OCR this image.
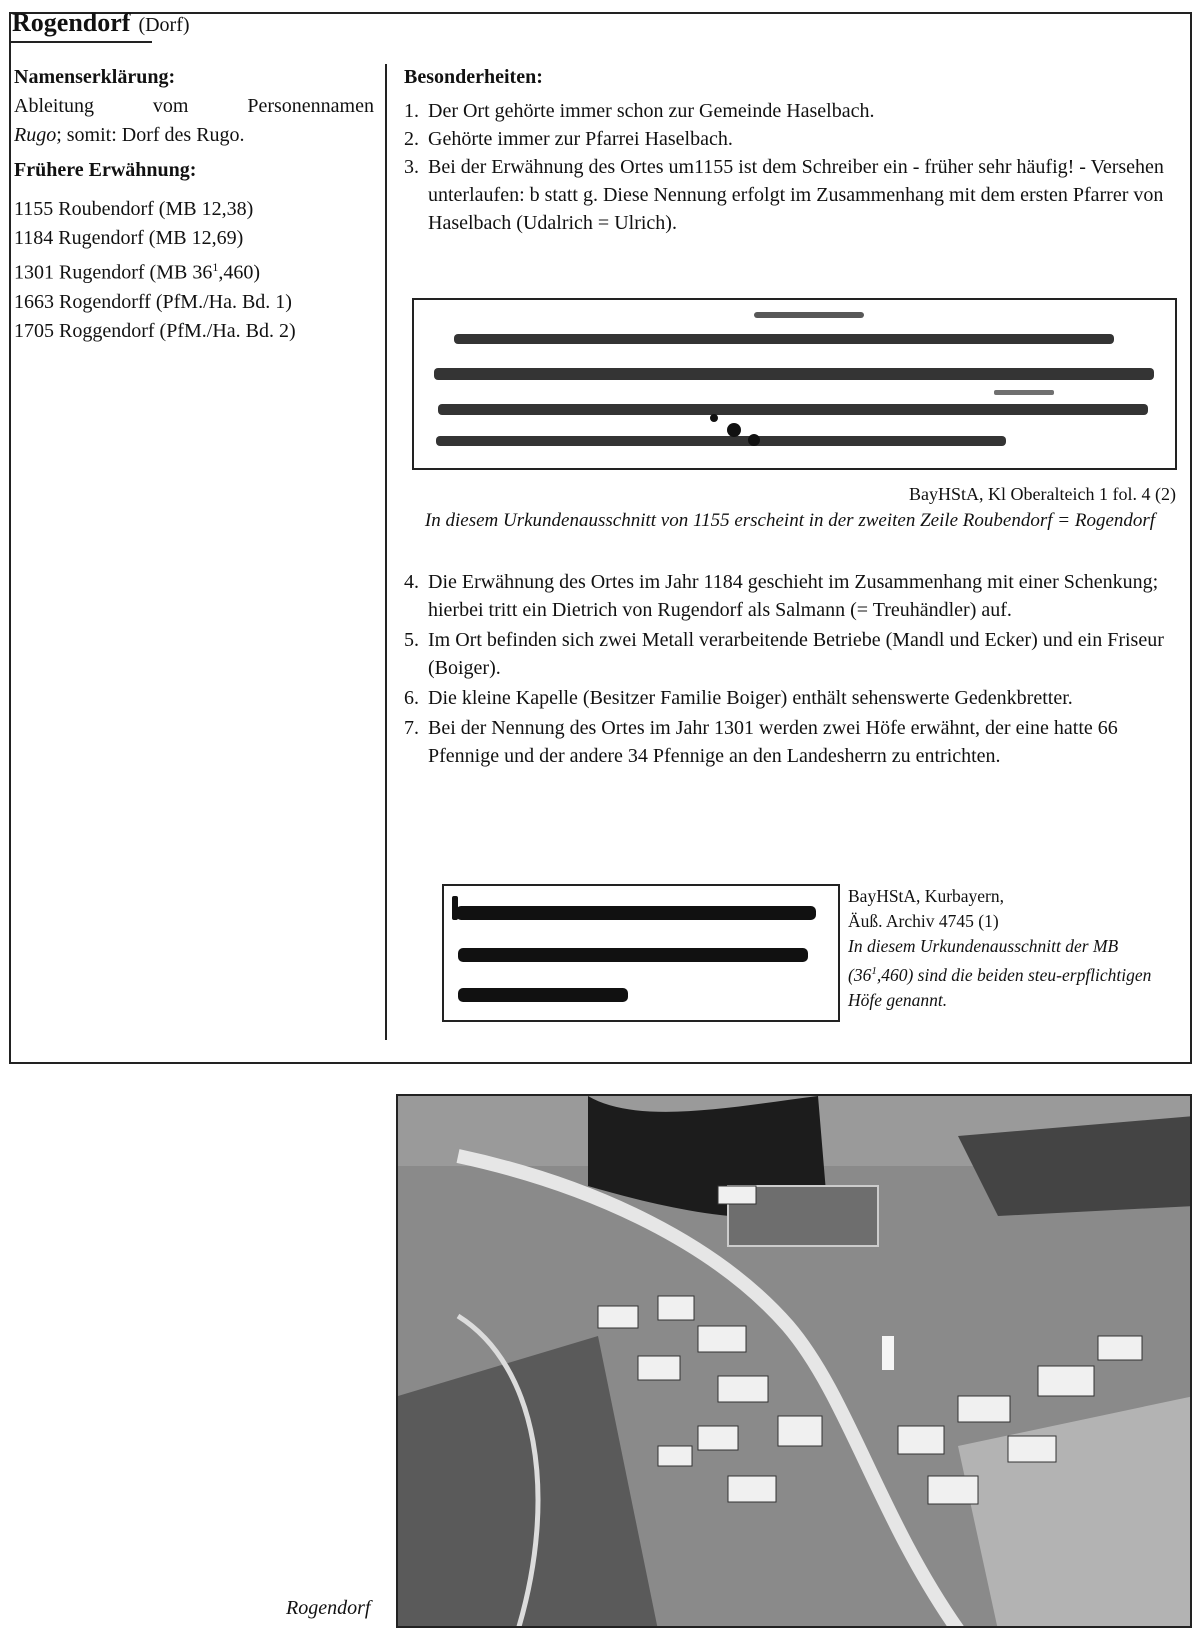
Rogendorf (Dorf)
Namenserklärung:
Ableitung	vom	Personennamen
Rugo; somit: Dorf des Rugo.
Frühere Erwähnung:
1155 Roubendorf (MB 12,38)
1184 Rugendorf (MB 12,69)
1301 Rugendorf (MB $36^1,460$)
1663 Rogendorff (PfM./Ha. Bd. 1)
1705 Roggendorf (PfM./Ha. Bd. 2)
Besonderheiten:
1. Der Ort gehörte immer schon zur Gemeinde Haselbach.
2. Gehörte immer zur Pfarrei Haselbach.
3. Bei der Erwähnung des Ortes um1155 ist dem Schreiber ein - früher sehr häufig! - Versehen unterlaufen: b statt g. Diese Nennung erfolgt im Zusammenhang mit dem ersten Pfarrer von Haselbach (Udalrich = Ulrich).
BayHStA, Kl Oberalteich 1 fol. 4 (2)
In diesem Urkundenausschnitt von 1155 erscheint in der zweiten Zeile Roubendorf = Rogendorf
4. Die Erwähnung des Ortes im Jahr 1184 geschieht im Zusammenhang mit einer Schenkung; hierbei tritt ein Dietrich von Rugendorf als Salmann (= Treuhändler) auf.
5. Im Ort befinden sich zwei Metall verarbeitende Betriebe (Mandl und Ecker) und ein Friseur (Boiger).
6. Die kleine Kapelle (Besitzer Familie Boiger) enthält sehenswerte Gedenkbretter.
7. Bei der Nennung des Ortes im Jahr 1301 werden zwei Höfe erwähnt, der eine hatte 66 Pfennige und der andere 34 Pfennige an den Landesherrn zu entrichten.
BayHStA, Kurbayern,
Äuß. Archiv 4745 (1)
In diesem Urkundenausschnitt der MB $(36^1,460)$ sind die beiden steu-erpflichtigen Höfe genannt.
Rogendorf
